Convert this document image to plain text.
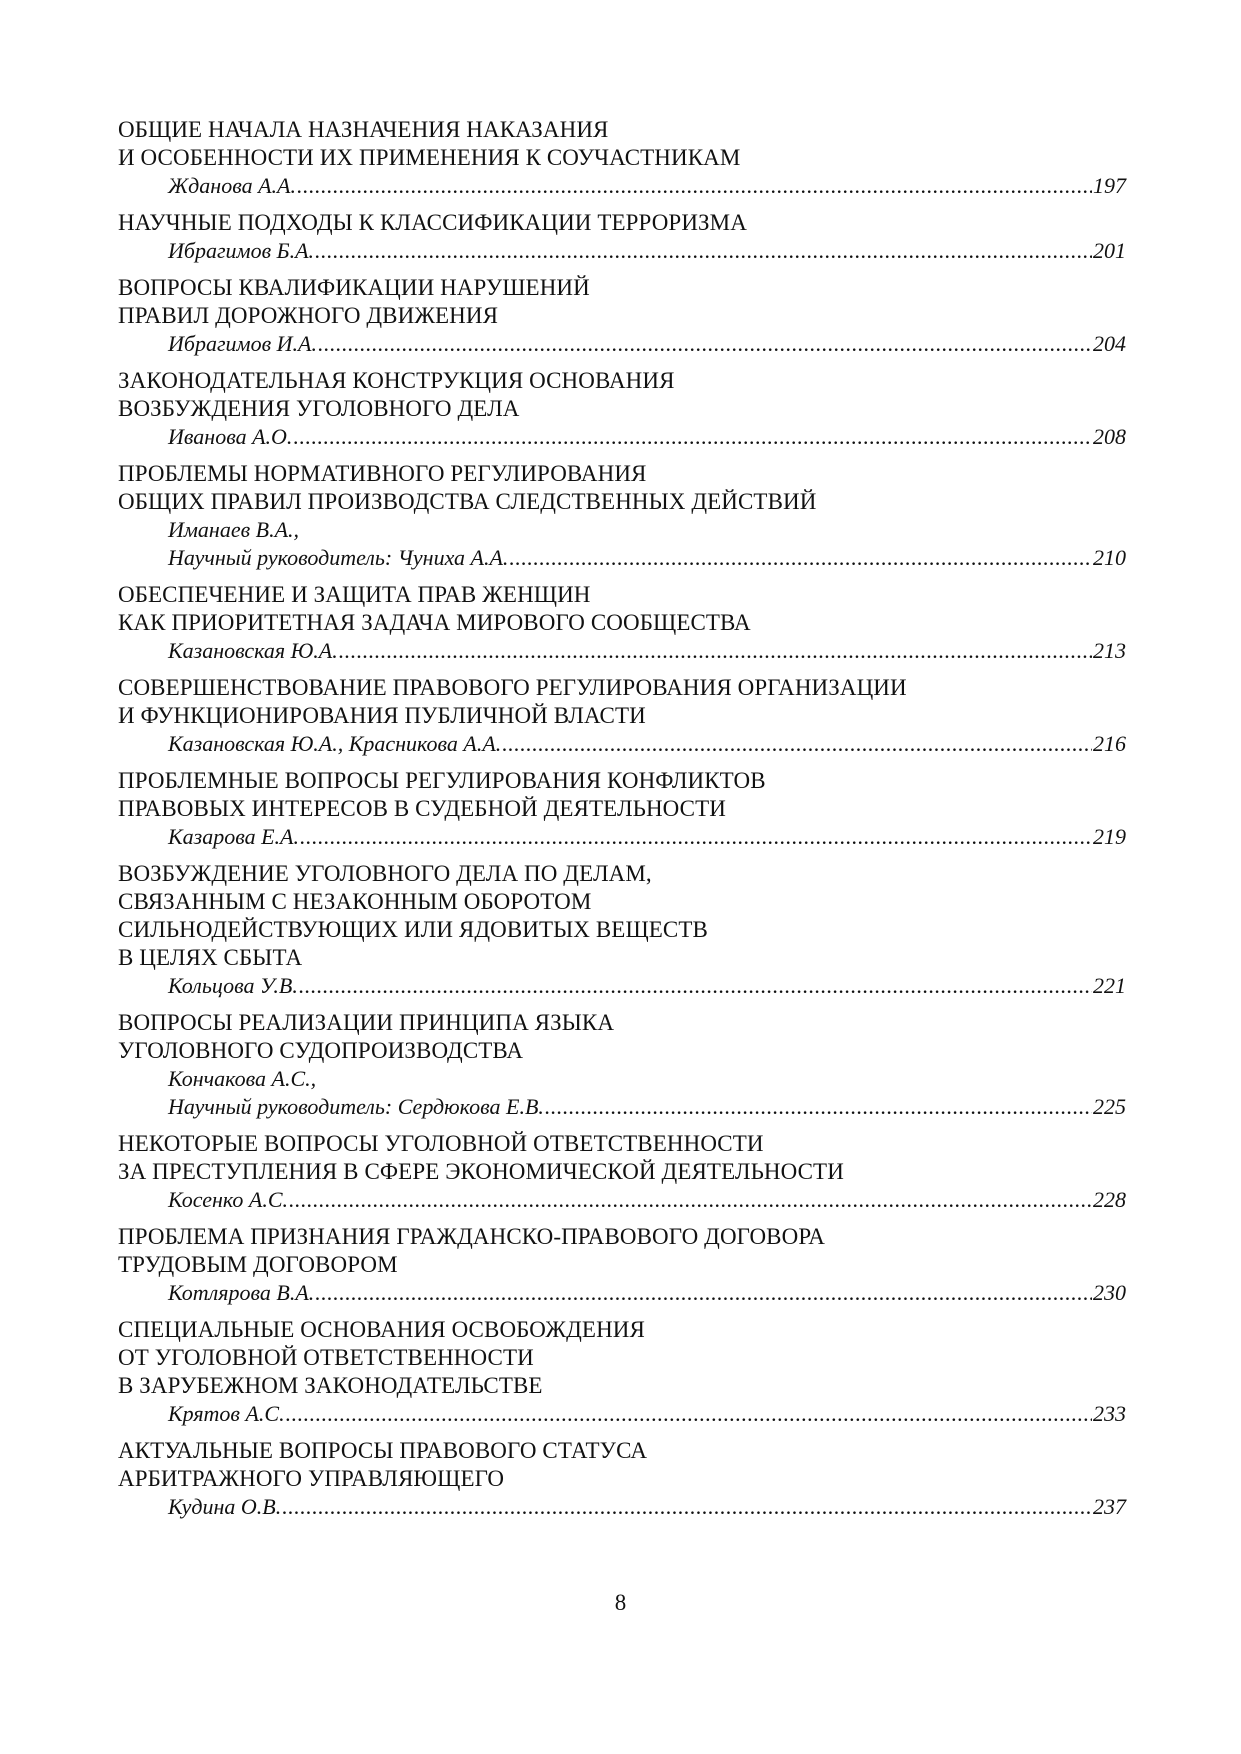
ОБЩИЕ НАЧАЛА НАЗНАЧЕНИЯ НАКАЗАНИЯ
И ОСОБЕННОСТИ ИХ ПРИМЕНЕНИЯ К СОУЧАСТНИКАМ
Жданова А.А. .....	197
НАУЧНЫЕ ПОДХОДЫ К КЛАССИФИКАЦИИ ТЕРРОРИЗМА
Ибрагимов Б.А. .....	201
ВОПРОСЫ КВАЛИФИКАЦИИ НАРУШЕНИЙ
ПРАВИЛ ДОРОЖНОГО ДВИЖЕНИЯ
Ибрагимов И.А. .....	204
ЗАКОНОДАТЕЛЬНАЯ КОНСТРУКЦИЯ ОСНОВАНИЯ
ВОЗБУЖДЕНИЯ УГОЛОВНОГО ДЕЛА
Иванова А.О. .....	208
ПРОБЛЕМЫ НОРМАТИВНОГО РЕГУЛИРОВАНИЯ
ОБЩИХ ПРАВИЛ ПРОИЗВОДСТВА СЛЕДСТВЕННЫХ ДЕЙСТВИЙ
Иманаев В.А.,
Научный руководитель: Чуниха А.А. .....	210
ОБЕСПЕЧЕНИЕ И ЗАЩИТА ПРАВ ЖЕНЩИН
КАК ПРИОРИТЕТНАЯ ЗАДАЧА МИРОВОГО СООБЩЕСТВА
Казановская Ю.А. .....	213
СОВЕРШЕНСТВОВАНИЕ ПРАВОВОГО РЕГУЛИРОВАНИЯ ОРГАНИЗАЦИИ
И ФУНКЦИОНИРОВАНИЯ ПУБЛИЧНОЙ ВЛАСТИ
Казановская Ю.А., Красникова А.А. .....	216
ПРОБЛЕМНЫЕ ВОПРОСЫ РЕГУЛИРОВАНИЯ КОНФЛИКТОВ
ПРАВОВЫХ ИНТЕРЕСОВ В СУДЕБНОЙ ДЕЯТЕЛЬНОСТИ
Казарова Е.А. .....	219
ВОЗБУЖДЕНИЕ УГОЛОВНОГО ДЕЛА ПО ДЕЛАМ,
СВЯЗАННЫМ С НЕЗАКОННЫМ ОБОРОТОМ
СИЛЬНОДЕЙСТВУЮЩИХ ИЛИ ЯДОВИТЫХ ВЕЩЕСТВ
В ЦЕЛЯХ СБЫТА
Кольцова У.В. .....	221
ВОПРОСЫ РЕАЛИЗАЦИИ ПРИНЦИПА ЯЗЫКА
УГОЛОВНОГО СУДОПРОИЗВОДСТВА
Кончакова А.С.,
Научный руководитель: Сердюкова Е.В. .....	225
НЕКОТОРЫЕ ВОПРОСЫ УГОЛОВНОЙ ОТВЕТСТВЕННОСТИ
ЗА ПРЕСТУПЛЕНИЯ В СФЕРЕ ЭКОНОМИЧЕСКОЙ ДЕЯТЕЛЬНОСТИ
Косенко А.С. .....	228
ПРОБЛЕМА ПРИЗНАНИЯ ГРАЖДАНСКО-ПРАВОВОГО ДОГОВОРА
ТРУДОВЫМ ДОГОВОРОМ
Котлярова В.А. .....	230
СПЕЦИАЛЬНЫЕ ОСНОВАНИЯ ОСВОБОЖДЕНИЯ
ОТ УГОЛОВНОЙ ОТВЕТСТВЕННОСТИ
В ЗАРУБЕЖНОМ ЗАКОНОДАТЕЛЬСТВЕ
Крятов А.С. .....	233
АКТУАЛЬНЫЕ ВОПРОСЫ ПРАВОВОГО СТАТУСА
АРБИТРАЖНОГО УПРАВЛЯЮЩЕГО
Кудина О.В. .....	237
8
